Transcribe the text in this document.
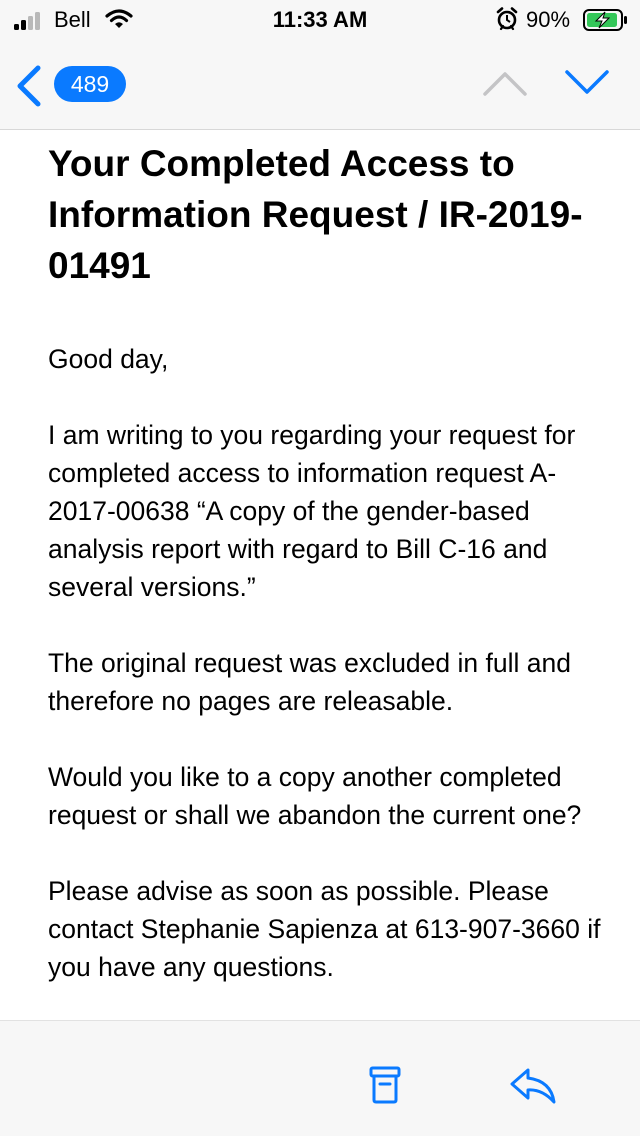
Bell	11:33 AM	90%
489
Your Completed Access to Information Request / IR-2019-01491

Good day,

I am writing to you regarding your request for completed access to information request A-2017-00638 “A copy of the gender-based analysis report with regard to Bill C-16 and several versions.”

The original request was excluded in full and therefore no pages are releasable.

Would you like to a copy another completed request or shall we abandon the current one?

Please advise as soon as possible. Please contact Stephanie Sapienza at 613-907-3660 if you have any questions.
